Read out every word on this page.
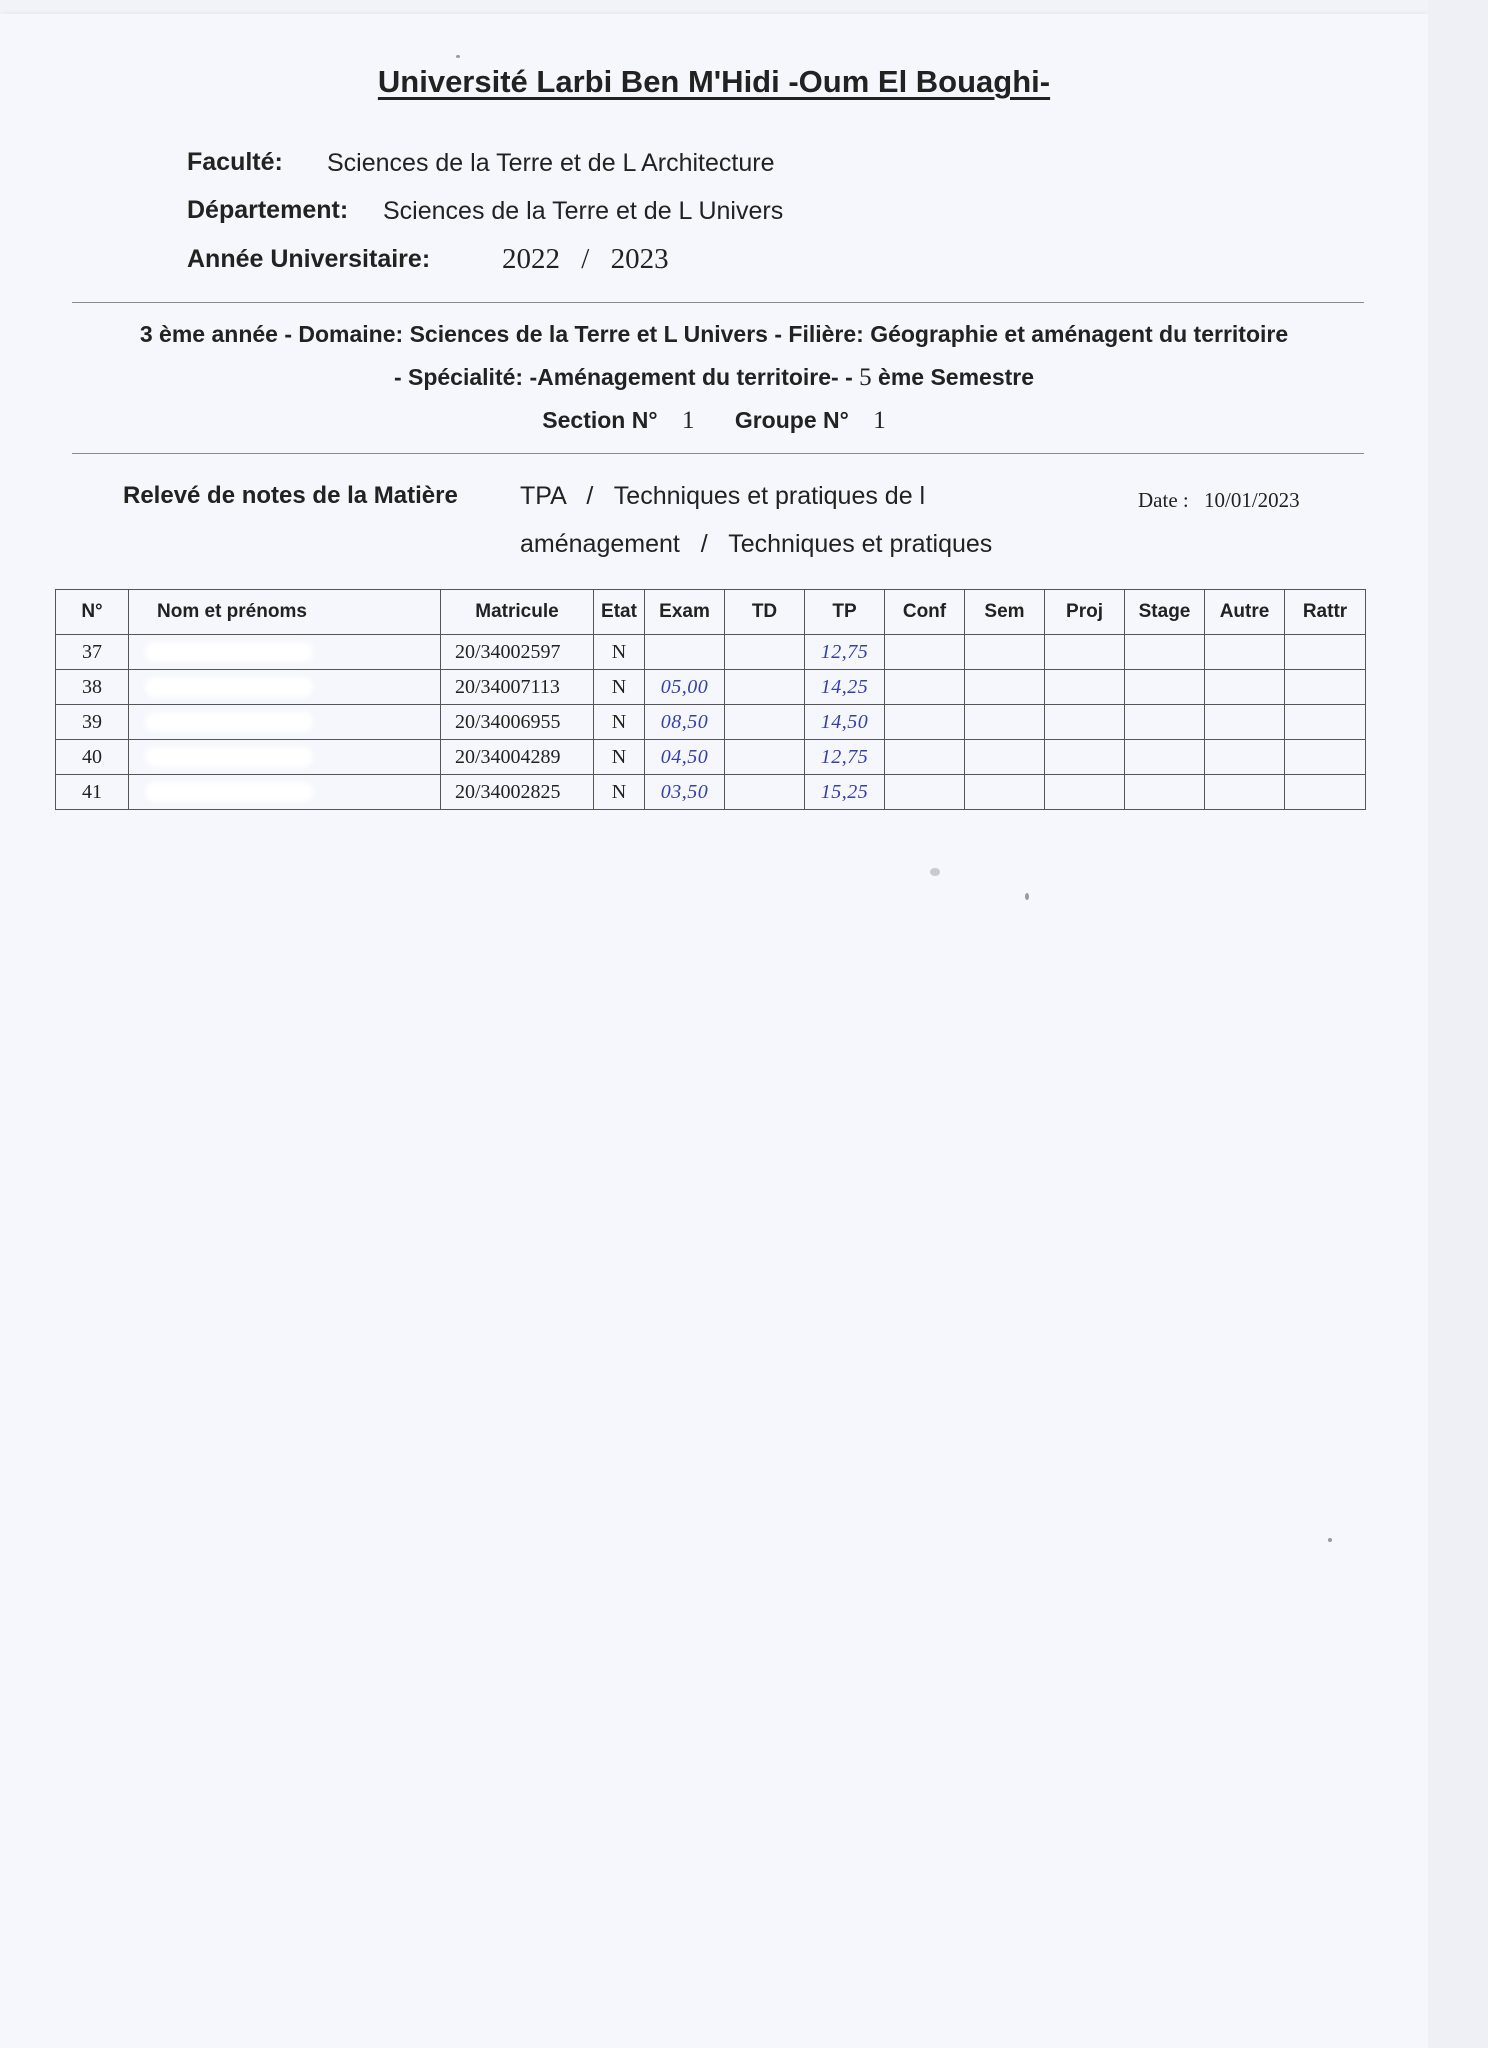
Université Larbi Ben M'Hidi -Oum El Bouaghi-
Faculté: Sciences de la Terre et de L Architecture
Département: Sciences de la Terre et de L Univers
Année Universitaire: 2022 / 2023
3 ème année - Domaine: Sciences de la Terre et L Univers - Filière: Géographie et aménagent du territoire
- Spécialité: -Aménagement du territoire- - 5 ème Semestre
Section N° 1 Groupe N° 1
Relevé de notes de la Matière TPA / Techniques et pratiques de l
aménagement / Techniques et pratiques
Date : 10/01/2023
N°	Nom et prénoms	Matricule	Etat	Exam	TD	TP	Conf	Sem	Proj	Stage	Autre	Rattr
37		20/34002597	N			12,75						
38		20/34007113	N	05,00		14,25						
39		20/34006955	N	08,50		14,50						
40		20/34004289	N	04,50		12,75						
41		20/34002825	N	03,50		15,25						
